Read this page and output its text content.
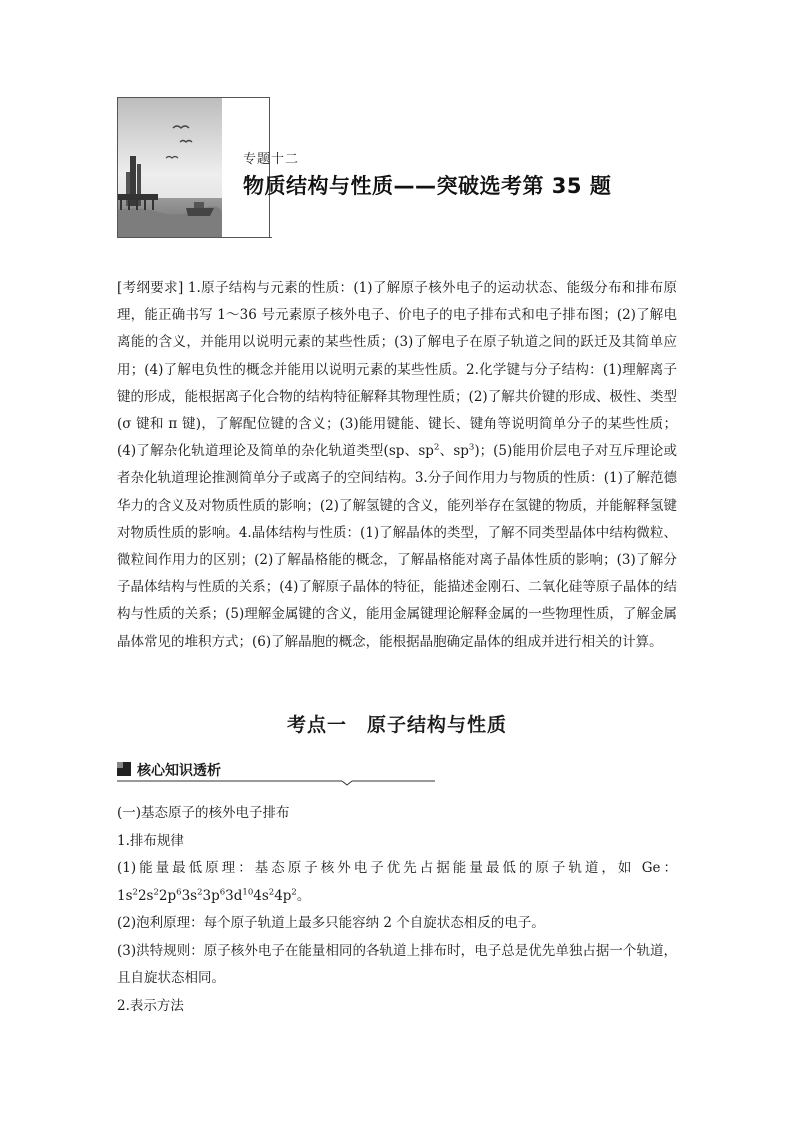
专题十二
物质结构与性质——突破选考第 35 题

[考纲要求] 1.原子结构与元素的性质：(1)了解原子核外电子的运动状态、能级分布和排布原理，能正确书写 1～36 号元素原子核外电子、价电子的电子排布式和电子排布图；(2)了解电离能的含义，并能用以说明元素的某些性质；(3)了解电子在原子轨道之间的跃迁及其简单应用；(4)了解电负性的概念并能用以说明元素的某些性质。2.化学键与分子结构：(1)理解离子键的形成，能根据离子化合物的结构特征解释其物理性质；(2)了解共价键的形成、极性、类型(σ 键和 π 键)，了解配位键的含义；(3)能用键能、键长、键角等说明简单分子的某些性质；(4)了解杂化轨道理论及简单的杂化轨道类型(sp、$sp^2$、$sp^3$)；(5)能用价层电子对互斥理论或者杂化轨道理论推测简单分子或离子的空间结构。3.分子间作用力与物质的性质：(1)了解范德华力的含义及对物质性质的影响；(2)了解氢键的含义，能列举存在氢键的物质，并能解释氢键对物质性质的影响。4.晶体结构与性质：(1)了解晶体的类型，了解不同类型晶体中结构微粒、微粒间作用力的区别；(2)了解晶格能的概念，了解晶格能对离子晶体性质的影响；(3)了解分子晶体结构与性质的关系；(4)了解原子晶体的特征，能描述金刚石、二氧化硅等原子晶体的结构与性质的关系；(5)理解金属键的含义，能用金属键理论解释金属的一些物理性质，了解金属晶体常见的堆积方式；(6)了解晶胞的概念，能根据晶胞确定晶体的组成并进行相关的计算。

考点一　原子结构与性质
核心知识透析

(一)基态原子的核外电子排布

1.排布规律

(1)能量最低原理：基态原子核外电子优先占据能量最低的原子轨道，如 Ge：

$1s^22s^22p^63s^23p^63d^{10}4s^24p^2$。

(2)泡利原理：每个原子轨道上最多只能容纳 2 个自旋状态相反的电子。

(3)洪特规则：原子核外电子在能量相同的各轨道上排布时，电子总是优先单独占据一个轨道，且自旋状态相同。

2.表示方法
